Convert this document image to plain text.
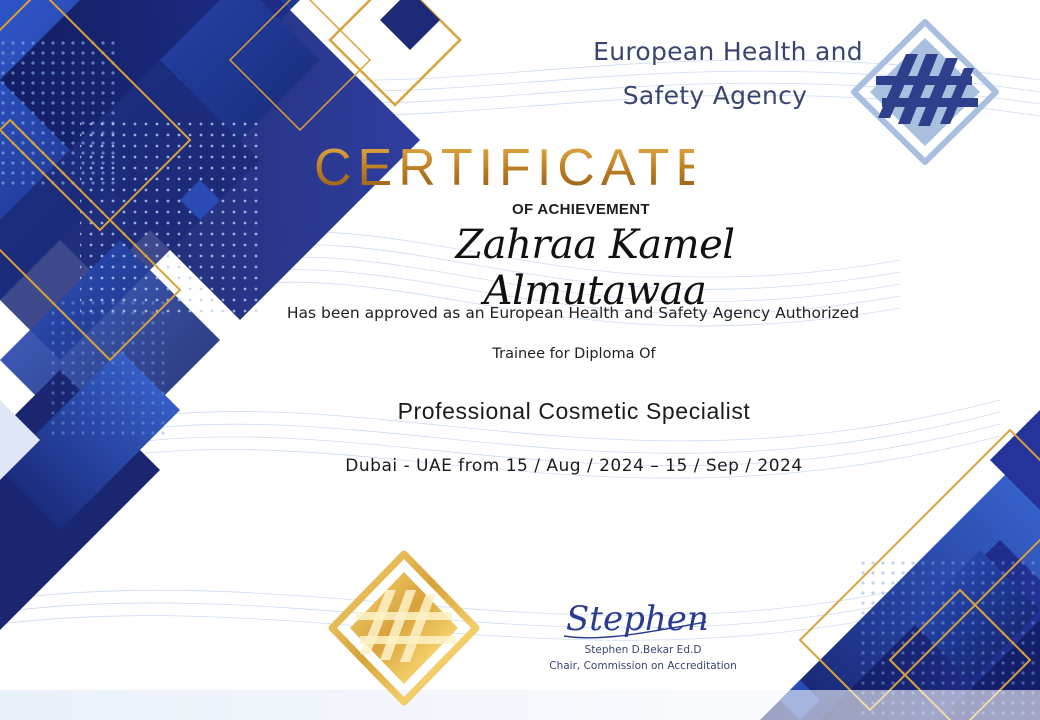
European Health and
Safety Agency
CERTIFICATE
OF ACHIEVEMENT
Zahraa Kamel Almutawaa
Has been approved as an European Health and Safety Agency Authorized
Trainee for Diploma Of
Professional Cosmetic Specialist
Dubai - UAE from 15 / Aug / 2024 – 15 / Sep / 2024
Stephen
Stephen D.Bekar Ed.D
Chair, Commission on Accreditation
